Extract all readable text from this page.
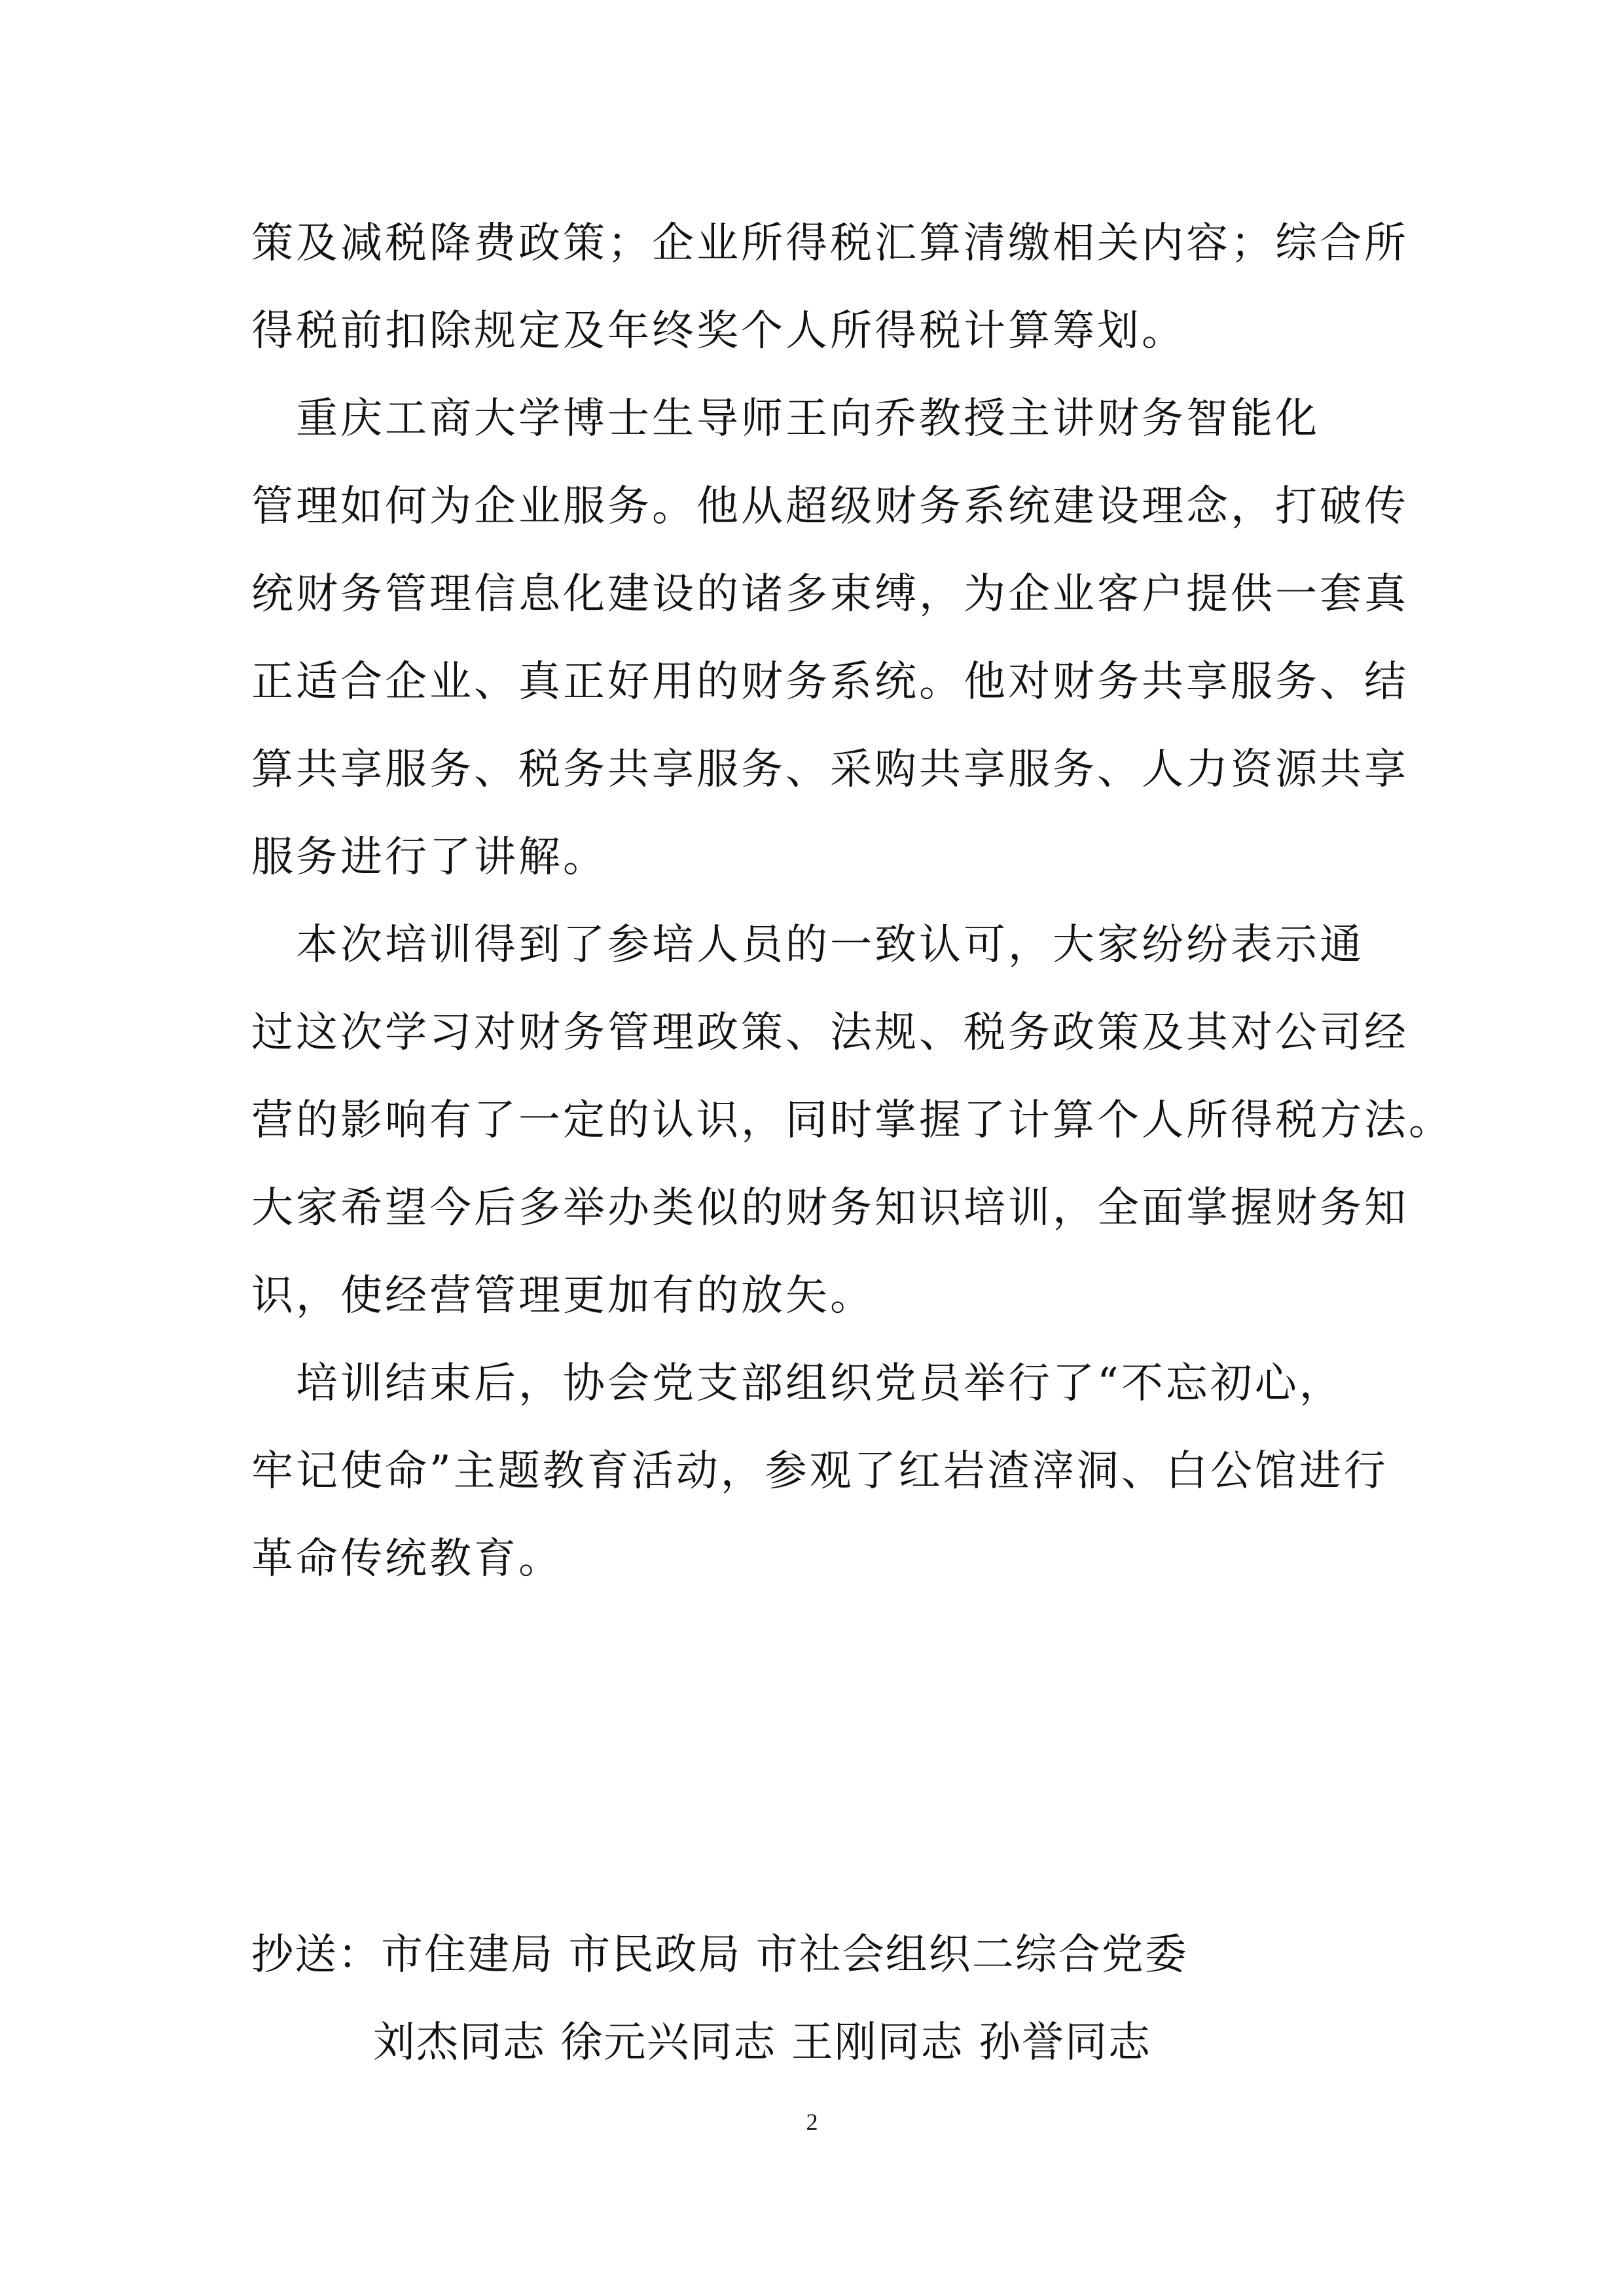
策及减税降费政策；企业所得税汇算清缴相关内容；综合所
得税前扣除规定及年终奖个人所得税计算筹划。
　重庆工商大学博士生导师王向乔教授主讲财务智能化
管理如何为企业服务。他从超级财务系统建设理念，打破传
统财务管理信息化建设的诸多束缚，为企业客户提供一套真
正适合企业、真正好用的财务系统。他对财务共享服务、结
算共享服务、税务共享服务、采购共享服务、人力资源共享
服务进行了讲解。
　本次培训得到了参培人员的一致认可，大家纷纷表示通
过这次学习对财务管理政策、法规、税务政策及其对公司经
营的影响有了一定的认识，同时掌握了计算个人所得税方法。
大家希望今后多举办类似的财务知识培训，全面掌握财务知
识，使经营管理更加有的放矢。
　培训结束后，协会党支部组织党员举行了“不忘初心，
牢记使命”主题教育活动，参观了红岩渣滓洞、白公馆进行
革命传统教育。
抄送：市住建局 市民政局 市社会组织二综合党委
刘杰同志 徐元兴同志 王刚同志 孙誉同志
2
